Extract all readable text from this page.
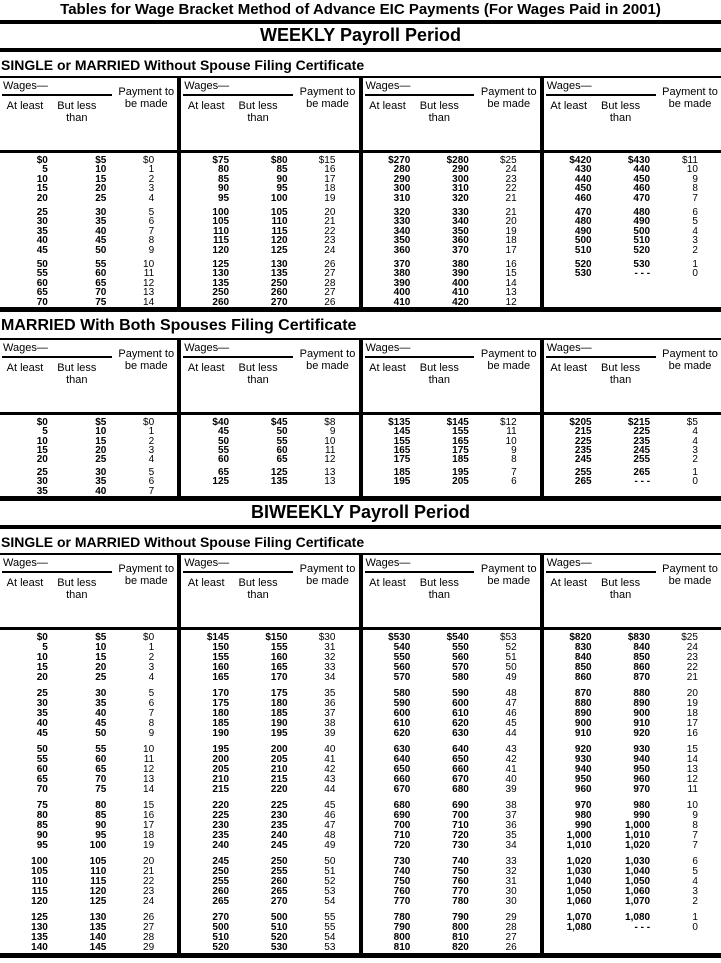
Tables for Wage Bracket Method of Advance EIC Payments (For Wages Paid in 2001)
WEEKLY Payroll Period
SINGLE or MARRIED Without Spouse Filing Certificate
Wages—
At least	But less than
Payment to be made
$0	$5	$0
5	10	1
10	15	2
15	20	3
20	25	4
25	30	5
30	35	6
35	40	7
40	45	8
45	50	9
50	55	10
55	60	11
60	65	12
65	70	13
70	75	14
Wages—
At least	But less than
Payment to be made
$75	$80	$15
80	85	16
85	90	17
90	95	18
95	100	19
100	105	20
105	110	21
110	115	22
115	120	23
120	125	24
125	130	26
130	135	27
135	250	28
250	260	27
260	270	26
Wages—
At least	But less than
Payment to be made
$270	$280	$25
280	290	24
290	300	23
300	310	22
310	320	21
320	330	21
330	340	20
340	350	19
350	360	18
360	370	17
370	380	16
380	390	15
390	400	14
400	410	13
410	420	12
Wages—
At least	But less than
Payment to be made
$420	$430	$11
430	440	10
440	450	9
450	460	8
460	470	7
470	480	6
480	490	5
490	500	4
500	510	3
510	520	2
520	530	1
530	- - -	0
MARRIED With Both Spouses Filing Certificate
Wages—
At least	But less than
Payment to be made
$0	$5	$0
5	10	1
10	15	2
15	20	3
20	25	4
25	30	5
30	35	6
35	40	7
Wages—
At least	But less than
Payment to be made
$40	$45	$8
45	50	9
50	55	10
55	60	11
60	65	12
65	125	13
125	135	13
Wages—
At least	But less than
Payment to be made
$135	$145	$12
145	155	11
155	165	10
165	175	9
175	185	8
185	195	7
195	205	6
Wages—
At least	But less than
Payment to be made
$205	$215	$5
215	225	4
225	235	4
235	245	3
245	255	2
255	265	1
265	- - -	0
BIWEEKLY Payroll Period
SINGLE or MARRIED Without Spouse Filing Certificate
Wages—
At least	But less than
Payment to be made
$0	$5	$0
5	10	1
10	15	2
15	20	3
20	25	4
25	30	5
30	35	6
35	40	7
40	45	8
45	50	9
50	55	10
55	60	11
60	65	12
65	70	13
70	75	14
75	80	15
80	85	16
85	90	17
90	95	18
95	100	19
100	105	20
105	110	21
110	115	22
115	120	23
120	125	24
125	130	26
130	135	27
135	140	28
140	145	29
Wages—
At least	But less than
Payment to be made
$145	$150	$30
150	155	31
155	160	32
160	165	33
165	170	34
170	175	35
175	180	36
180	185	37
185	190	38
190	195	39
195	200	40
200	205	41
205	210	42
210	215	43
215	220	44
220	225	45
225	230	46
230	235	47
235	240	48
240	245	49
245	250	50
250	255	51
255	260	52
260	265	53
265	270	54
270	500	55
500	510	55
510	520	54
520	530	53
Wages—
At least	But less than
Payment to be made
$530	$540	$53
540	550	52
550	560	51
560	570	50
570	580	49
580	590	48
590	600	47
600	610	46
610	620	45
620	630	44
630	640	43
640	650	42
650	660	41
660	670	40
670	680	39
680	690	38
690	700	37
700	710	36
710	720	35
720	730	34
730	740	33
740	750	32
750	760	31
760	770	30
770	780	30
780	790	29
790	800	28
800	810	27
810	820	26
Wages—
At least	But less than
Payment to be made
$820	$830	$25
830	840	24
840	850	23
850	860	22
860	870	21
870	880	20
880	890	19
890	900	18
900	910	17
910	920	16
920	930	15
930	940	14
940	950	13
950	960	12
960	970	11
970	980	10
980	990	9
990	1,000	8
1,000	1,010	7
1,010	1,020	7
1,020	1,030	6
1,030	1,040	5
1,040	1,050	4
1,050	1,060	3
1,060	1,070	2
1,070	1,080	1
1,080	- - -	0
